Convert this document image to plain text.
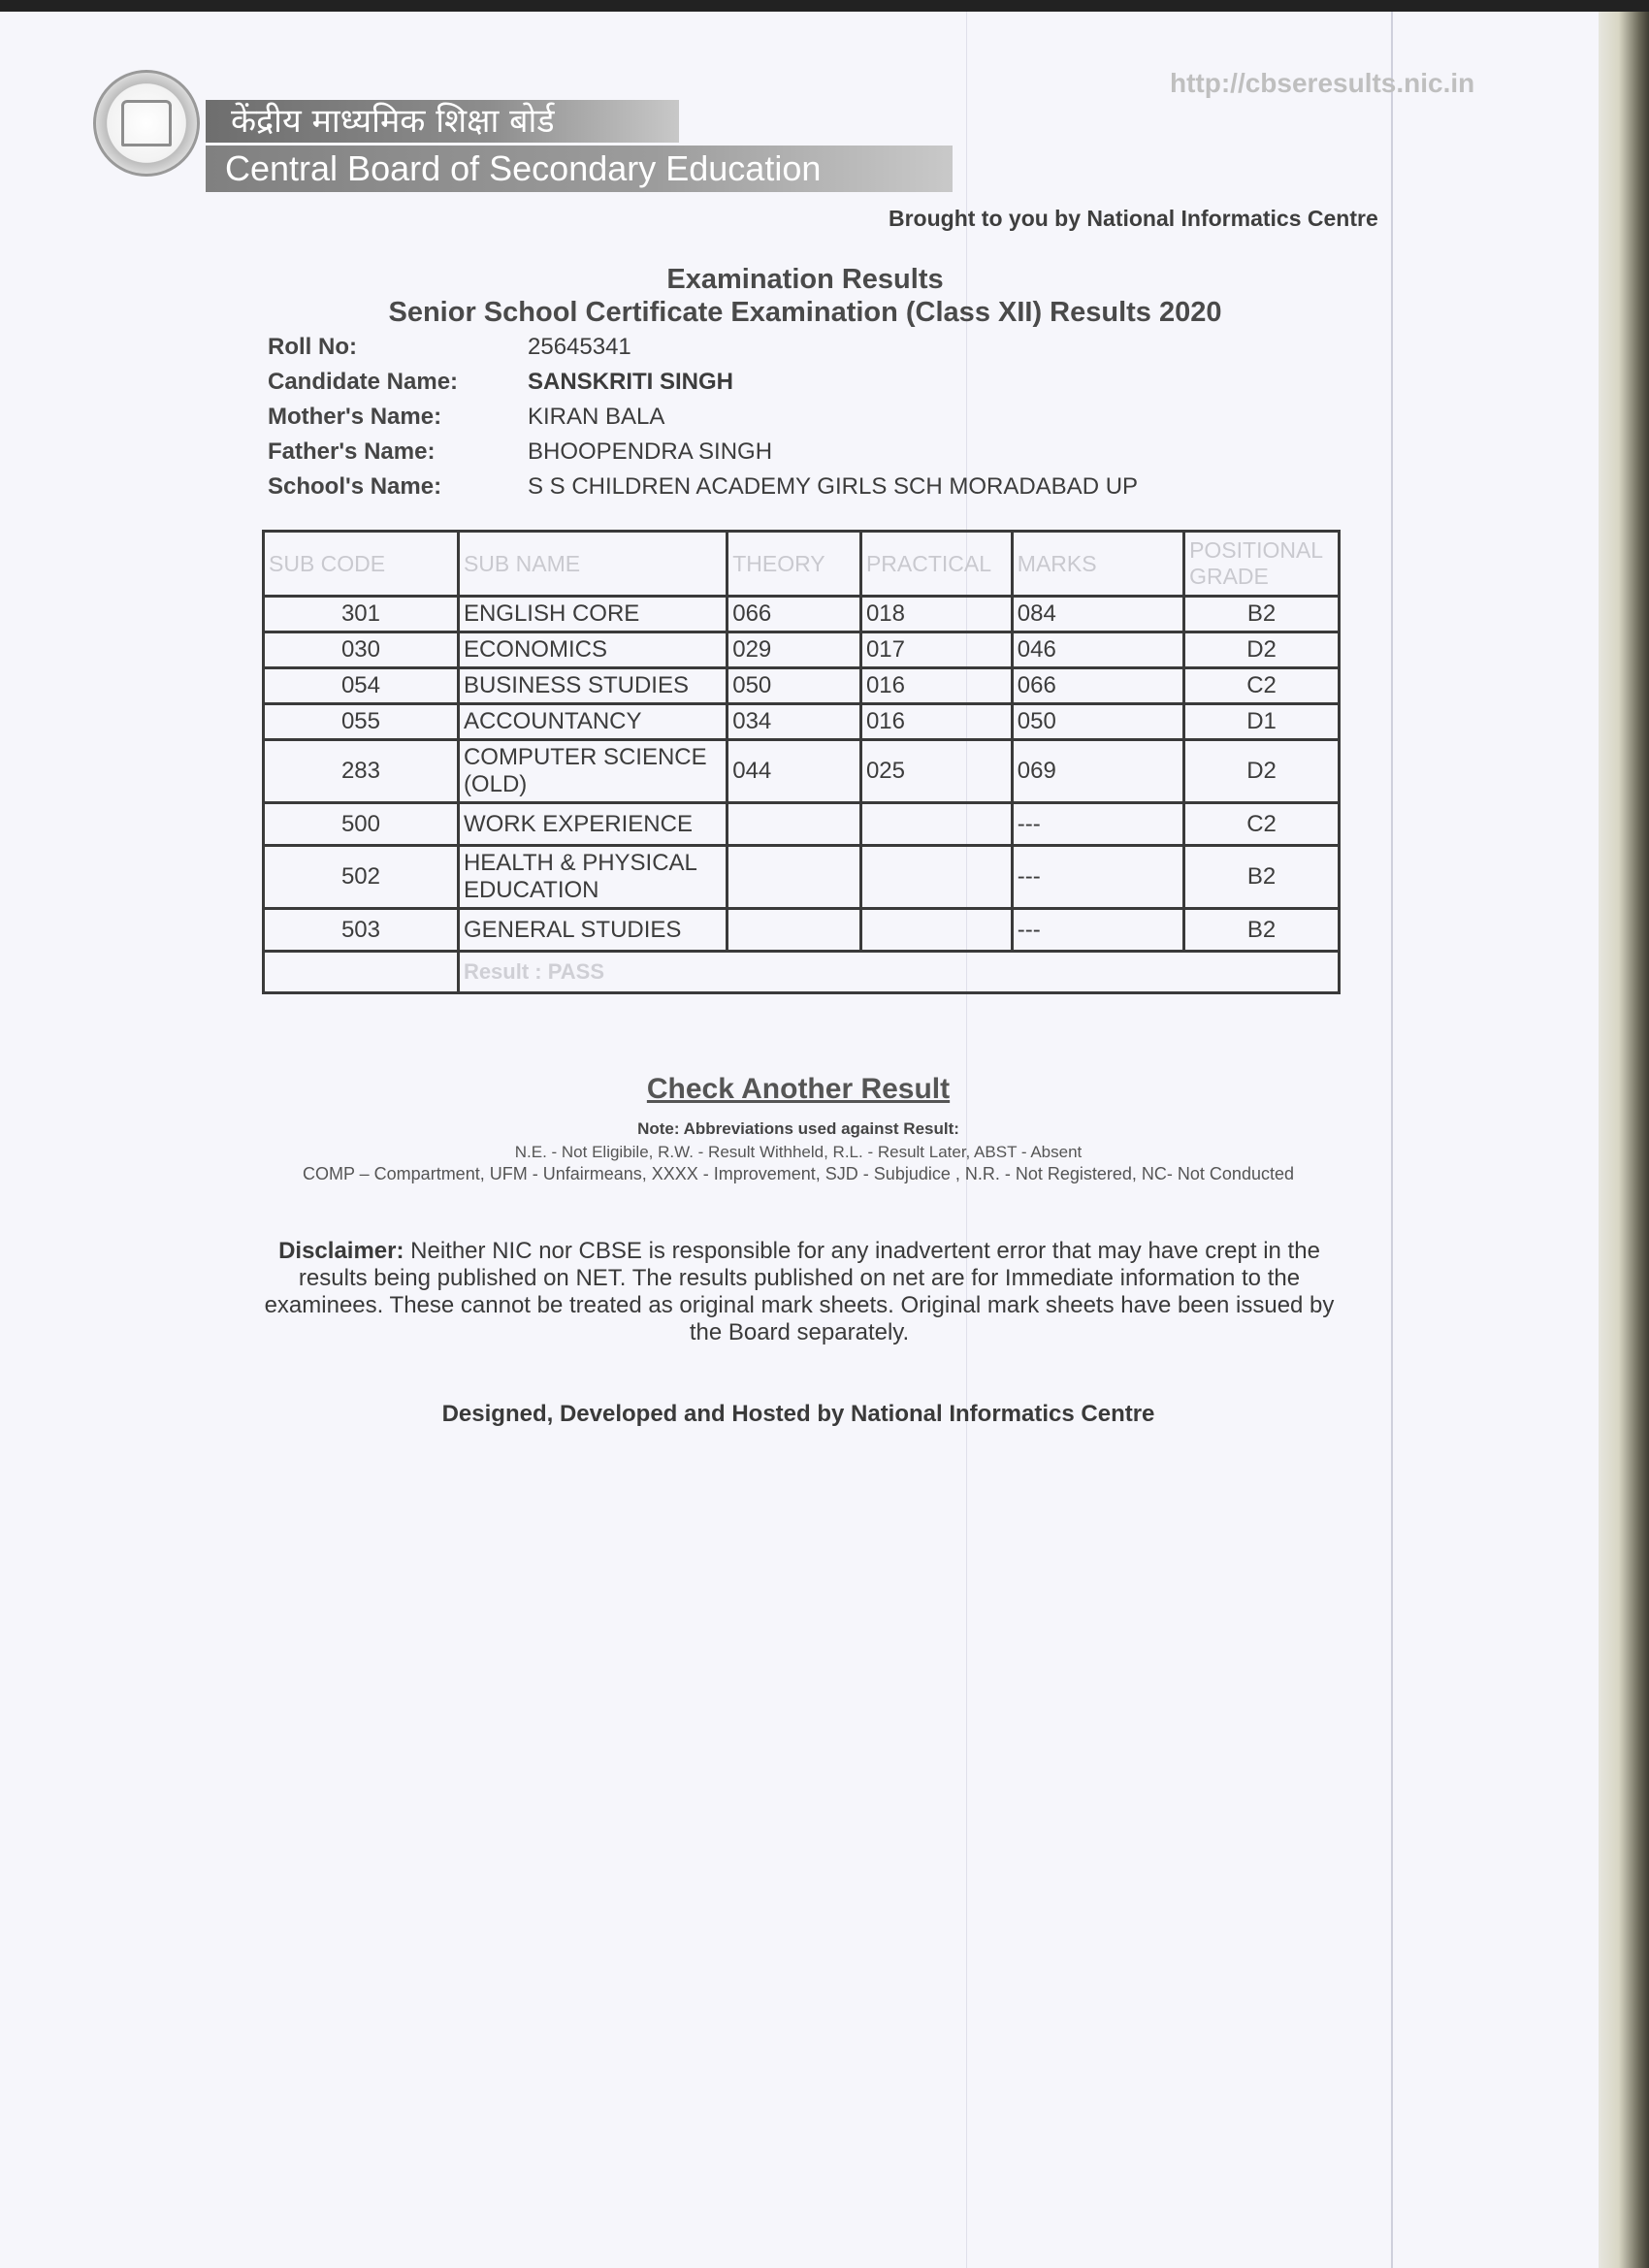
केंद्रीय माध्यमिक शिक्षा बोर्ड
Central Board of Secondary Education
http://cbseresults.nic.in
Brought to you by National Informatics Centre
Examination Results
Senior School Certificate Examination (Class XII) Results 2020
Roll No:	25645341
Candidate Name:	SANSKRITI SINGH
Mother's Name:	KIRAN BALA
Father's Name:	BHOOPENDRA SINGH
School's Name:	S S CHILDREN ACADEMY GIRLS SCH MORADABAD UP
SUB CODE	SUB NAME	THEORY	PRACTICAL	MARKS	POSITIONAL GRADE
301	ENGLISH CORE	066	018	084	B2
030	ECONOMICS	029	017	046	D2
054	BUSINESS STUDIES	050	016	066	C2
055	ACCOUNTANCY	034	016	050	D1
283	COMPUTER SCIENCE (OLD)	044	025	069	D2
500	WORK EXPERIENCE			---	C2
502	HEALTH & PHYSICAL EDUCATION			---	B2
503	GENERAL STUDIES			---	B2
	Result : PASS				
Check Another Result
Note: Abbreviations used against Result:
N.E. - Not Eligibile, R.W. - Result Withheld, R.L. - Result Later, ABST - Absent
COMP – Compartment, UFM - Unfairmeans, XXXX - Improvement, SJD - Subjudice , N.R. - Not Registered, NC- Not Conducted
Disclaimer: Neither NIC nor CBSE is responsible for any inadvertent error that may have crept in the results being published on NET. The results published on net are for Immediate information to the examinees. These cannot be treated as original mark sheets. Original mark sheets have been issued by the Board separately.
Designed, Developed and Hosted by National Informatics Centre
